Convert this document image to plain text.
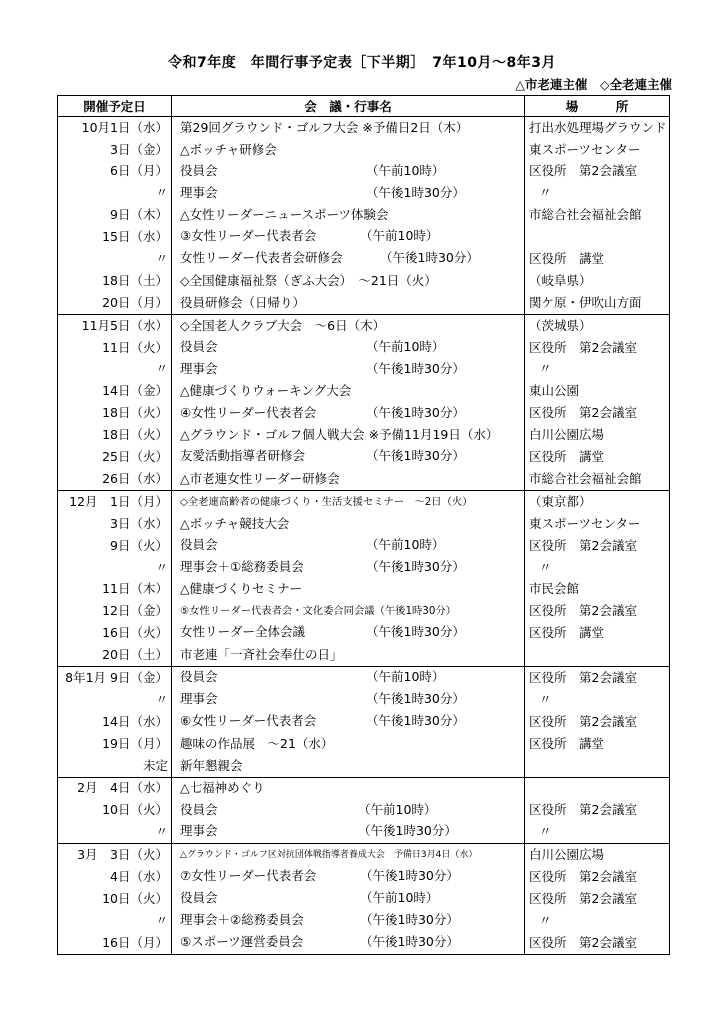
令和7年度　年間行事予定表［下半期］　7年10月～8年3月
△市老連主催　◇全老連主催
開催予定日	会　議・行事名	場　　　所
10月1日（水）	第29回グラウンド・ゴルフ大会 ※予備日2日（木）	打出水処理場グラウンド
3日（金）	△ボッチャ研修会	東スポーツセンター
6日（月）	役員会 （午前10時）	区役所　第2会議室
〃	理事会 （午後1時30分）	〃
9日（木）	△女性リーダーニュースポーツ体験会	市総合社会福祉会館
15日（水）	③女性リーダー代表者会 （午前10時）	

〃	女性リーダー代表者会研修会 （午後1時30分）	区役所　講堂
18日（土）	◇全国健康福祉祭（ぎふ大会）　～21日（火）	（岐阜県）
20日（月）	役員研修会（日帰り）	関ケ原・伊吹山方面
11月5日（水）	◇全国老人クラブ大会　～6日（木）	（茨城県）
11日（火）	役員会 （午前10時）	区役所　第2会議室
〃	理事会 （午後1時30分）	〃
14日（金）	△健康づくりウォーキング大会	東山公園
18日（火）	④女性リーダー代表者会 （午後1時30分）	区役所　第2会議室
18日（火）	△グラウンド・ゴルフ個人戦大会 ※予備11月19日（水）	白川公園広場
25日（火）	友愛活動指導者研修会 （午後1時30分）	区役所　講堂
26日（水）	△市老連女性リーダー研修会	市総合社会福祉会館
12月　1日（月）	◇全老連高齢者の健康づくり・生活支援セミナー　～2日（火）	（東京都）
3日（水）	△ボッチャ競技大会	東スポーツセンター
9日（火）	役員会 （午前10時）	区役所　第2会議室
〃	理事会＋①総務委員会 （午後1時30分）	〃
11日（木）	△健康づくりセミナー	市民会館
12日（金）	⑤女性リーダー代表者会・文化委合同会議（午後1時30分）	区役所　第2会議室
16日（火）	女性リーダー全体会議 （午後1時30分）	区役所　講堂
20日（土）	市老連「一斉社会奉仕の日」	
8年1月 9日（金）	役員会 （午前10時）	区役所　第2会議室
〃	理事会 （午後1時30分）	〃
14日（水）	⑥女性リーダー代表者会 （午後1時30分）	区役所　第2会議室
19日（月）	趣味の作品展　～21（水）	区役所　講堂
未定	新年懇親会	
2月　4日（水）	△七福神めぐり	
10日（火）	役員会 （午前10時）	区役所　第2会議室
〃	理事会 （午後1時30分）	〃
3月　3日（火）	△グラウンド・ゴルフ区対抗団体戦指導者養成大会　予備日3月4日（水）	白川公園広場
4日（水）	⑦女性リーダー代表者会 （午後1時30分）	区役所　第2会議室
10日（火）	役員会 （午前10時）	区役所　第2会議室
〃	理事会＋②総務委員会 （午後1時30分）	〃
16日（月）	⑤スポーツ運営委員会 （午後1時30分）	区役所　第2会議室
